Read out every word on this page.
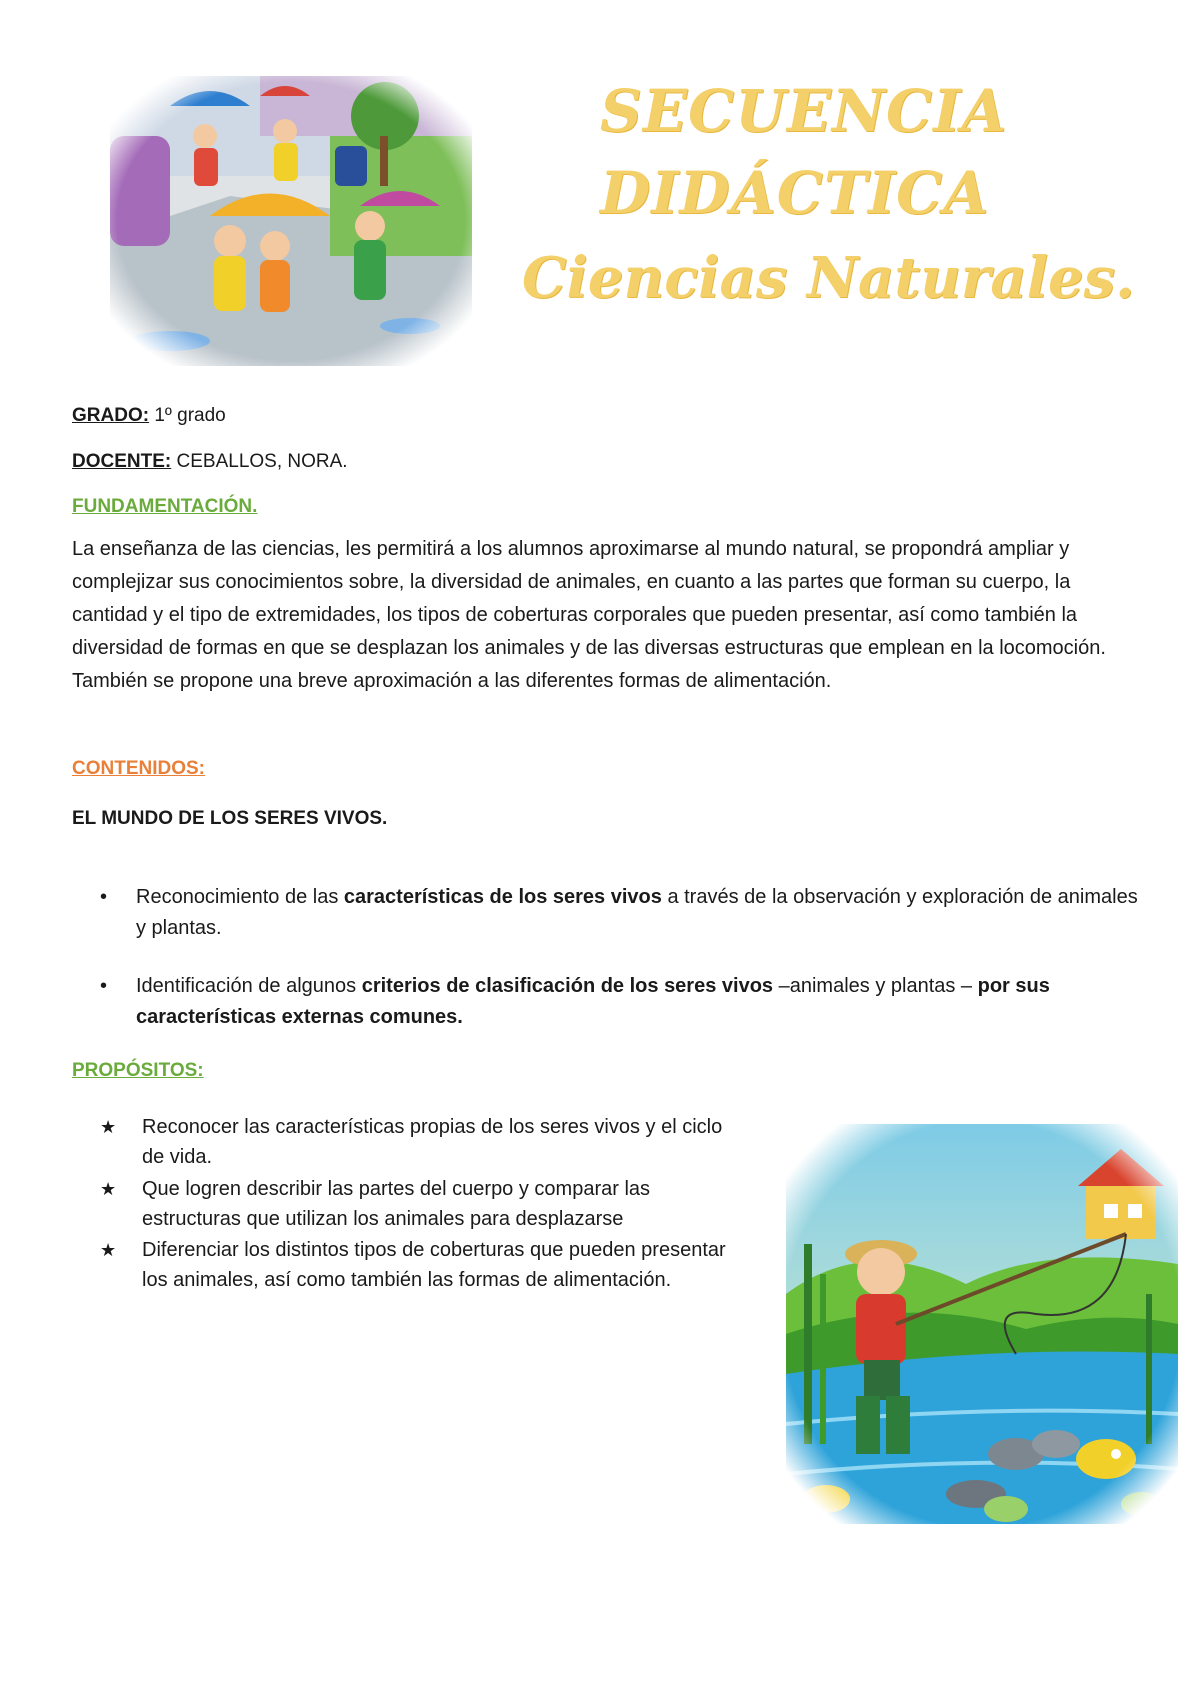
SECUENCIA
DIDÁCTICA
Ciencias Naturales.
GRADO: 1º grado
DOCENTE: CEBALLOS, NORA.
FUNDAMENTACIÓN.
La enseñanza de las ciencias, les permitirá a los alumnos aproximarse al mundo natural, se propondrá ampliar y complejizar sus conocimientos sobre, la diversidad de animales, en cuanto a las partes que forman su cuerpo, la cantidad y el tipo de extremidades, los tipos de coberturas corporales que pueden presentar, así como también la diversidad de formas en que se desplazan los animales y de las diversas estructuras que emplean en la locomoción. También se propone una breve aproximación a las diferentes formas de alimentación.
CONTENIDOS:
EL MUNDO DE LOS SERES VIVOS.
•	Reconocimiento de las características de los seres vivos a través de la observación y exploración de animales y plantas.
•	Identificación de algunos criterios de clasificación de los seres vivos –animales y plantas – por sus características externas comunes.
PROPÓSITOS:
★	Reconocer las características propias de los seres vivos y el ciclo de vida.
★	Que logren describir las partes del cuerpo y comparar las estructuras que utilizan los animales para desplazarse
★	Diferenciar los distintos tipos de coberturas que pueden presentar los animales, así como también las formas de alimentación.
